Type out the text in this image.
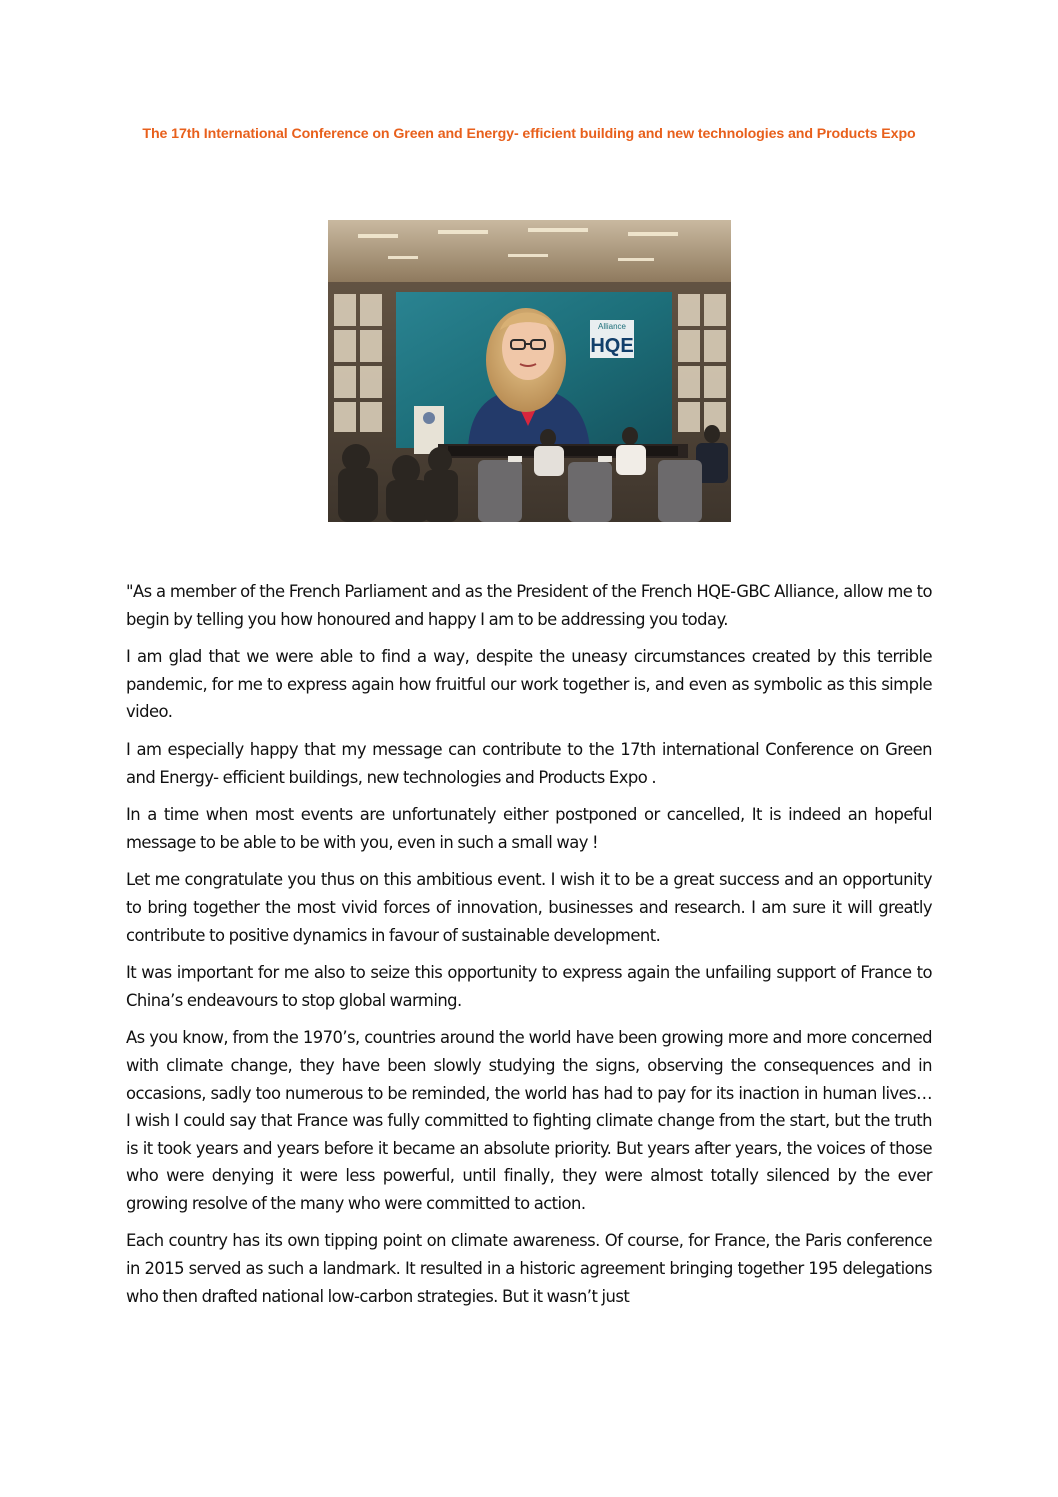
The 17th International Conference on Green and Energy- efficient building and new technologies and Products Expo
Alliance
HQE

"As a member of the French Parliament and as the President of the French HQE-GBC Alliance, allow me to begin by telling you how honoured and happy I am to be addressing you today.

I am glad that we were able to find a way, despite the uneasy circumstances created by this terrible pandemic, for me to express again how fruitful our work together is, and even as symbolic as this simple video.

I am especially happy that my message can contribute to the 17th international Conference on Green and Energy- efficient buildings, new technologies and Products Expo .

In a time when most events are unfortunately either postponed or cancelled, It is indeed an hopeful message to be able to be with you, even in such a small way !

Let me congratulate you thus on this ambitious event. I wish it to be a great success and an opportunity to bring together the most vivid forces of innovation, businesses and research. I am sure it will greatly contribute to positive dynamics in favour of sustainable development.

It was important for me also to seize this opportunity to express again the unfailing support of France to China’s endeavours to stop global warming.

As you know, from the 1970’s, countries around the world have been growing more and more concerned with climate change, they have been slowly studying the signs, observing the consequences and in occasions, sadly too numerous to be reminded, the world has had to pay for its inaction in human lives… I wish I could say that France was fully committed to fighting climate change from the start, but the truth is it took years and years before it became an absolute priority. But years after years, the voices of those who were denying it were less powerful, until finally, they were almost totally silenced by the ever growing resolve of the many who were committed to action.

Each country has its own tipping point on climate awareness. Of course, for France, the Paris conference in 2015 served as such a landmark. It resulted in a historic agreement bringing together 195 delegations who then drafted national low-carbon strategies. But it wasn’t just
